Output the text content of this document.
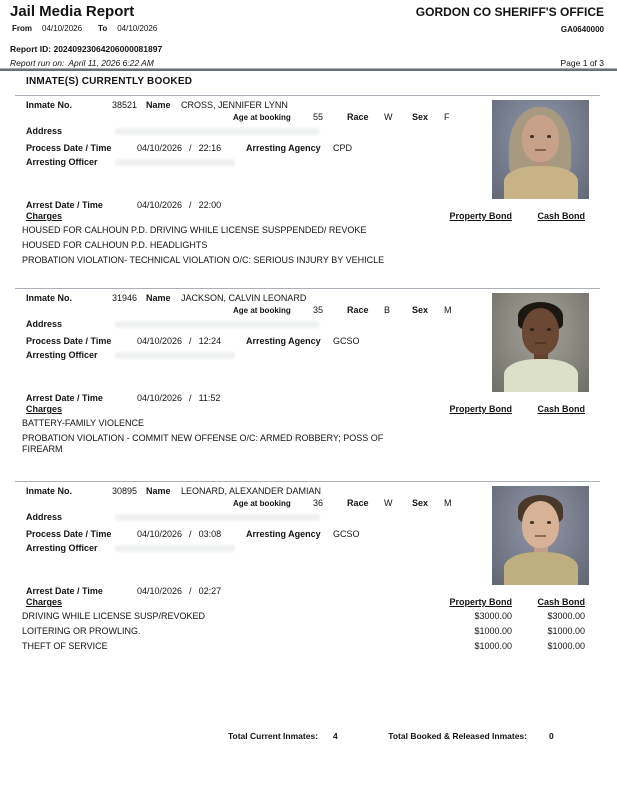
Jail Media Report	GORDON CO SHERIFF'S OFFICE
From 04/10/2026 To 04/10/2026	GA0640000
Report ID: 20240923064206000081897
Report run on: April 11, 2026 6:22 AM	Page 1 of 3
INMATE(S) CURRENTLY BOOKED
Inmate No.	38521 Name CROSS, JENNIFER LYNN
Age at booking 55	Race W Sex F
Address
Process Date / Time	04/10/2026 / 22:16	Arresting Agency CPD
Arresting Officer
Arrest Date / Time	04/10/2026 / 22:00
Charges	Property Bond	Cash Bond
HOUSED FOR CALHOUN P.D. DRIVING WHILE LICENSE SUSPPENDED/ REVOKE
HOUSED FOR CALHOUN P.D. HEADLIGHTS
PROBATION VIOLATION- TECHNICAL VIOLATION O/C: SERIOUS INJURY BY VEHICLE
Inmate No.	31946 Name JACKSON, CALVIN LEONARD
Age at booking 35	Race B Sex M
Address
Process Date / Time	04/10/2026 / 12:24	Arresting Agency GCSO
Arresting Officer
Arrest Date / Time	04/10/2026 / 11:52
Charges	Property Bond	Cash Bond
BATTERY-FAMILY VIOLENCE
PROBATION VIOLATION - COMMIT NEW OFFENSE O/C: ARMED ROBBERY; POSS OF FIREARM
Inmate No.	30895 Name LEONARD, ALEXANDER DAMIAN
Age at booking 36	Race W Sex M
Address
Process Date / Time	04/10/2026 / 03:08	Arresting Agency GCSO
Arresting Officer
Arrest Date / Time	04/10/2026 / 02:27
Charges	Property Bond	Cash Bond
DRIVING WHILE LICENSE SUSP/REVOKED	$3000.00	$3000.00
LOITERING OR PROWLING.	$1000.00	$1000.00
THEFT OF SERVICE	$1000.00	$1000.00
Total Current Inmates: 4	Total Booked & Released Inmates:	0
